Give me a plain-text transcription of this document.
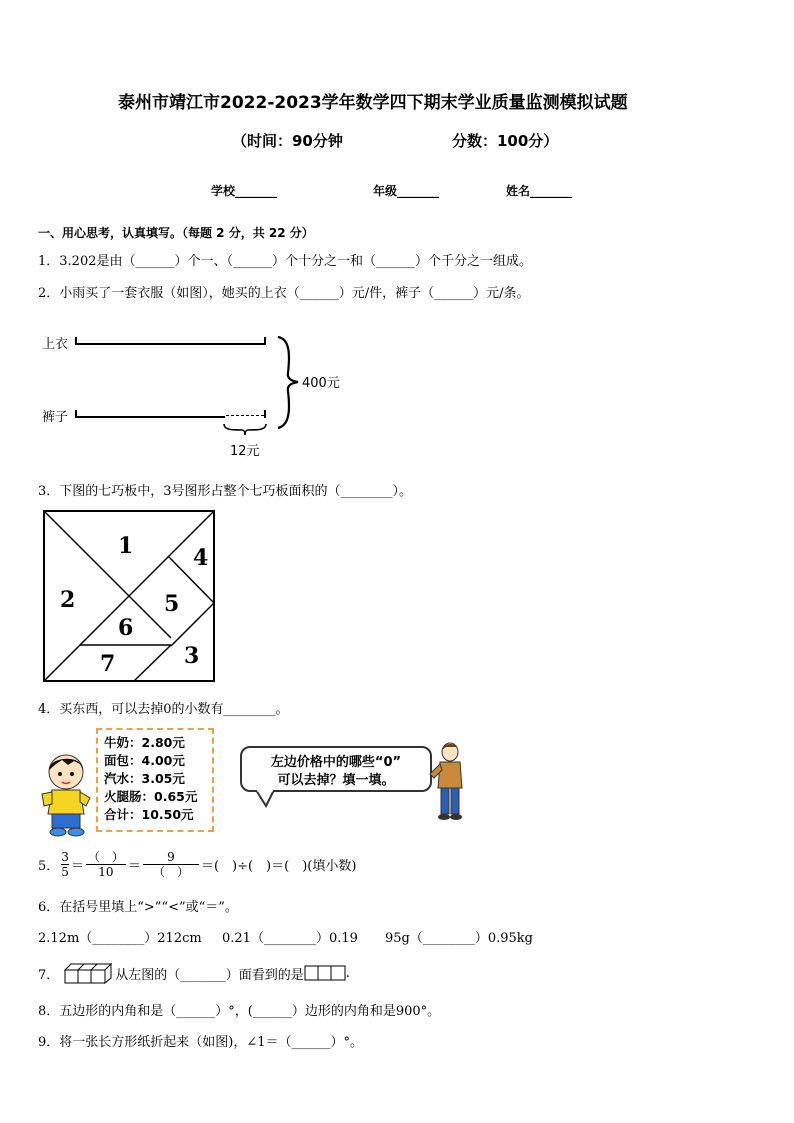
泰州市靖江市2022-2023学年数学四下期末学业质量监测模拟试题
（时间：90分钟	分数：100分）
学校_______	年级_______	姓名_______
一、用心思考，认真填写。（每题 2 分，共 22 分）
1．3.202是由（______）个一、（______）个十分之一和（______）个千分之一组成。
2．小雨买了一套衣服（如图），她买的上衣（______）元/件，裤子（______）元/条。
上衣
裤子
400元
12元
3．下图的七巧板中，3号图形占整个七巧板面积的（________）。
1
2
3
4
5
6
7
4．买东西，可以去掉0的小数有________。
牛奶：2.80元
面包：4.00元
汽水：3.05元
火腿肠：0.65元
合计：10.50元
左边价格中的哪些“0”
可以去掉？填一填。
5． $\frac{3}{5} = \frac{( )}{10} = \frac{9}{( )}$ ＝(　)÷(　)＝(　)(填小数)
6．在括号里填上“>”“<”或“＝”。
2.12m（________）212cm 0.21（________）0.19 95g（________）0.95kg
7．	从左图的（_______）面看到的是	.
8．五边形的内角和是（______）°，(______）边形的内角和是900°。
9．将一张长方形纸折起来（如图)，∠1＝（______）°。
